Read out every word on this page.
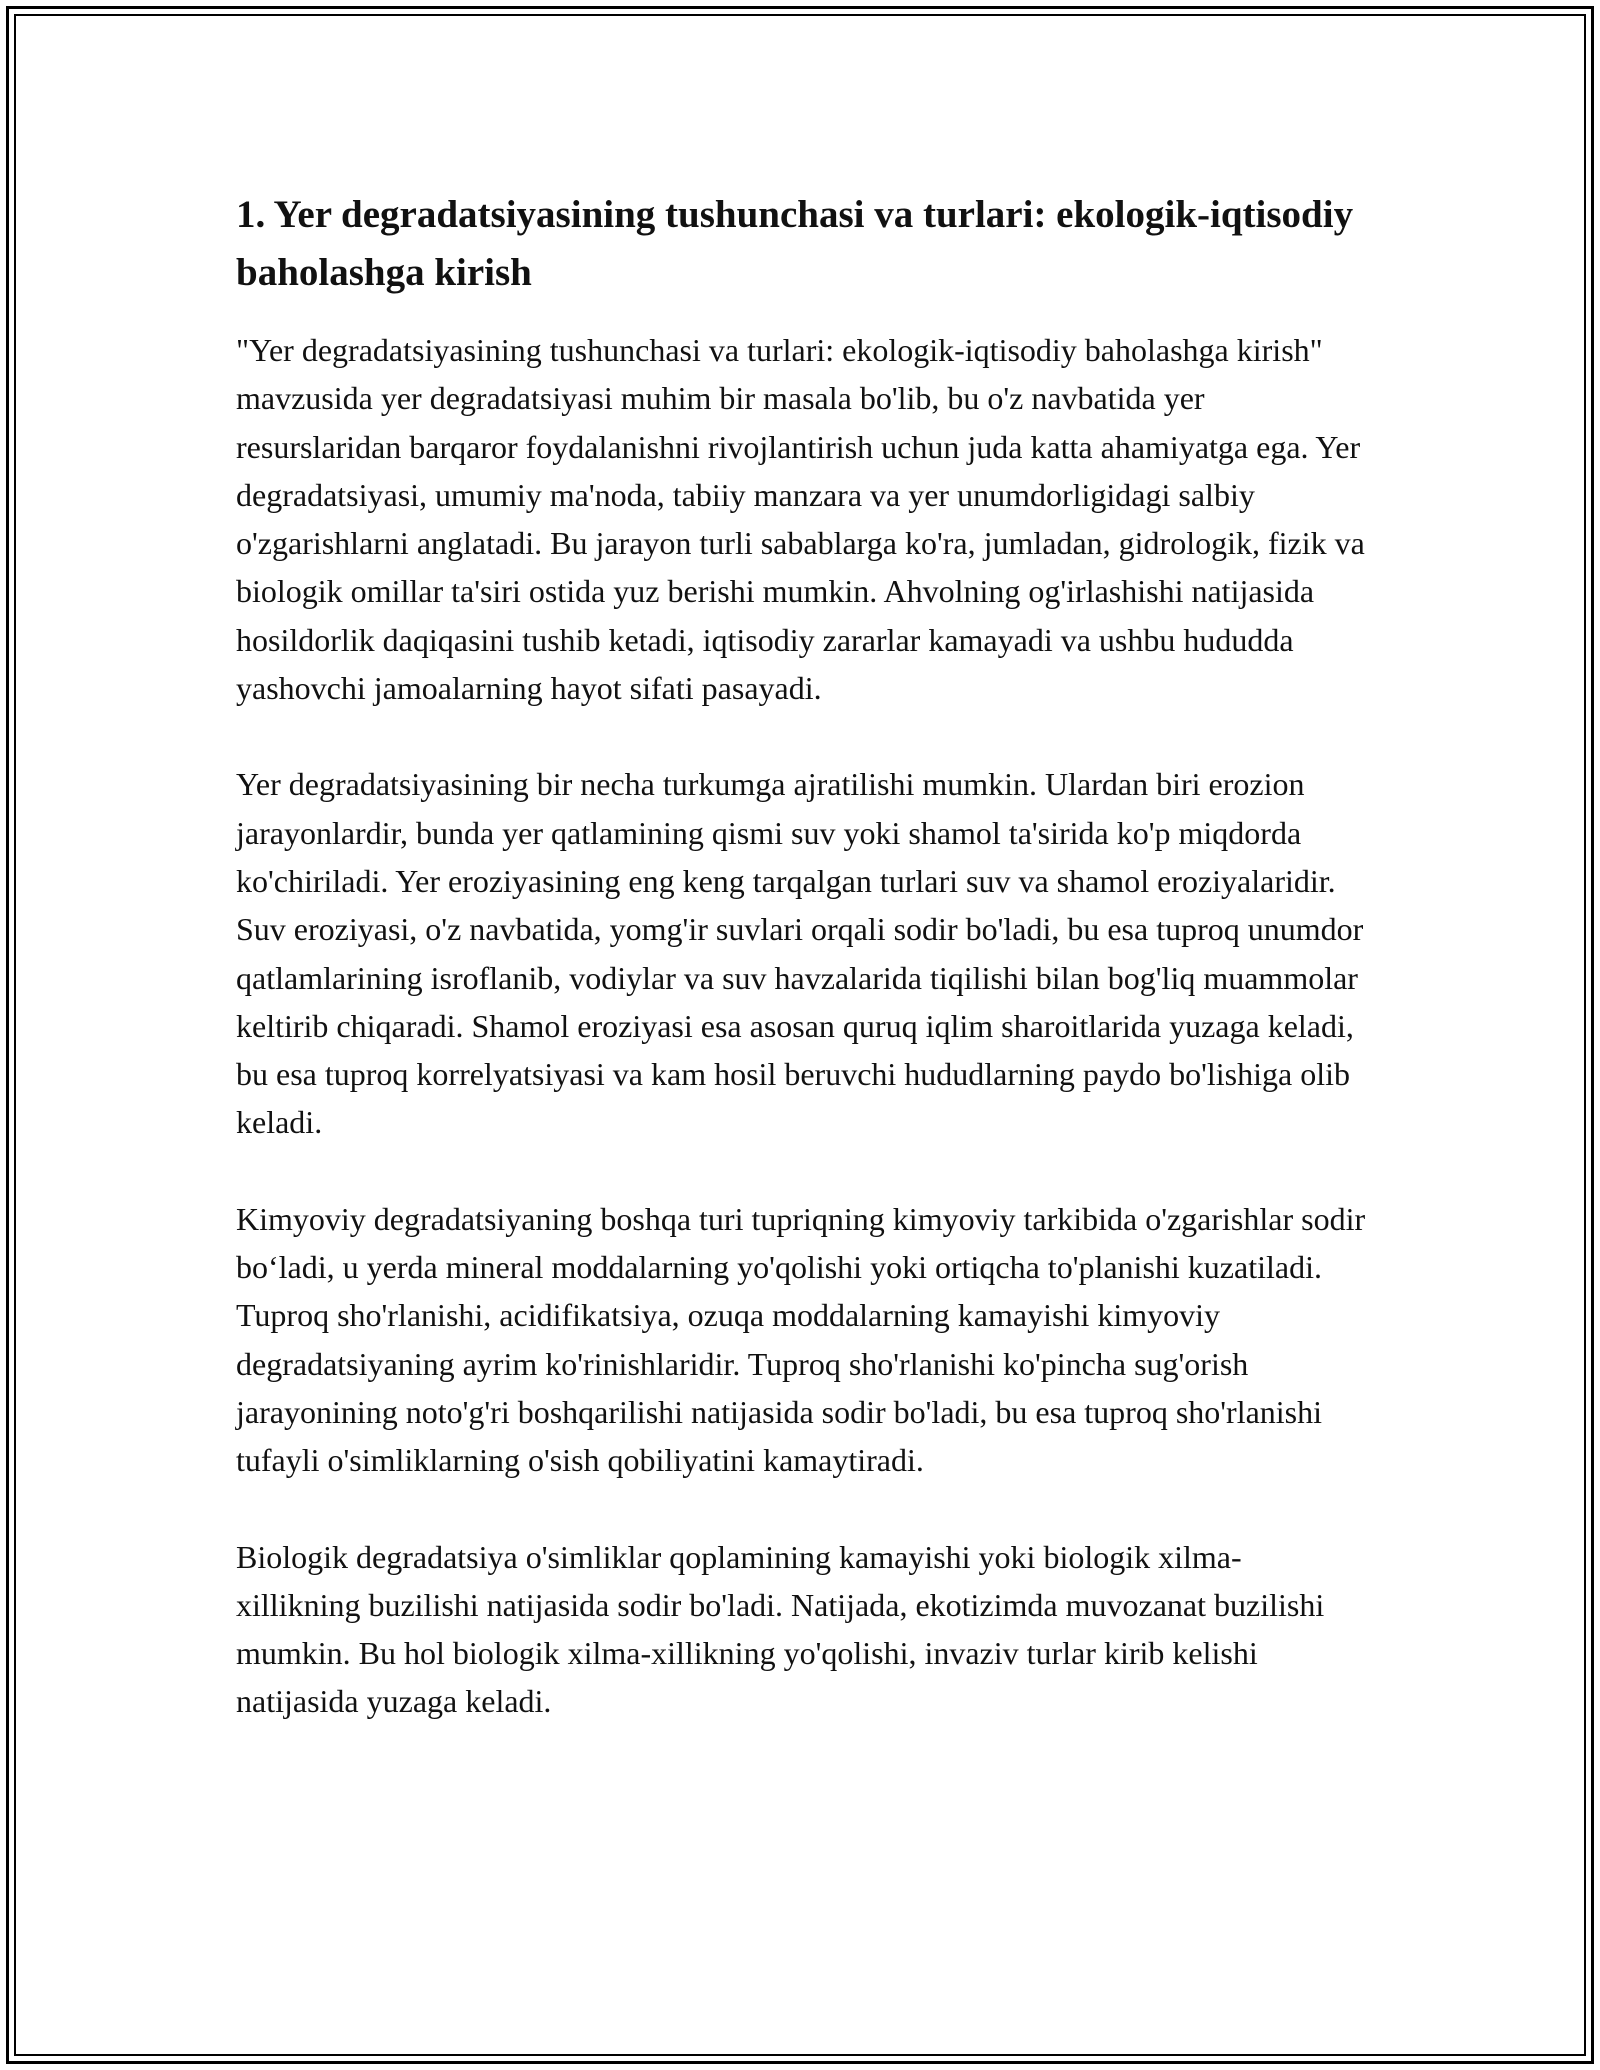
1. Yer degradatsiyasining tushunchasi va turlari: ekologik-iqtisodiy baholashga kirish

"Yer degradatsiyasining tushunchasi va turlari: ekologik-iqtisodiy baholashga kirish" mavzusida yer degradatsiyasi muhim bir masala bo'lib, bu o'z navbatida yer resurslaridan barqaror foydalanishni rivojlantirish uchun juda katta ahamiyatga ega. Yer degradatsiyasi, umumiy ma'noda, tabiiy manzara va yer unumdorligidagi salbiy o'zgarishlarni anglatadi. Bu jarayon turli sabablarga ko'ra, jumladan, gidrologik, fizik va biologik omillar ta'siri ostida yuz berishi mumkin. Ahvolning og'irlashishi natijasida hosildorlik daqiqasini tushib ketadi, iqtisodiy zararlar kamayadi va ushbu hududda yashovchi jamoalarning hayot sifati pasayadi.

Yer degradatsiyasining bir necha turkumga ajratilishi mumkin. Ulardan biri erozion jarayonlardir, bunda yer qatlamining qismi suv yoki shamol ta'sirida ko'p miqdorda ko'chiriladi. Yer eroziyasining eng keng tarqalgan turlari suv va shamol eroziyalaridir. Suv eroziyasi, o'z navbatida, yomg'ir suvlari orqali sodir bo'ladi, bu esa tuproq unumdor qatlamlarining isroflanib, vodiylar va suv havzalarida tiqilishi bilan bog'liq muammolar keltirib chiqaradi. Shamol eroziyasi esa asosan quruq iqlim sharoitlarida yuzaga keladi, bu esa tuproq korrelyatsiyasi va kam hosil beruvchi hududlarning paydo bo'lishiga olib keladi.

Kimyoviy degradatsiyaning boshqa turi tupriqning kimyoviy tarkibida o'zgarishlar sodir bo‘ladi, u yerda mineral moddalarning yo'qolishi yoki ortiqcha to'planishi kuzatiladi. Tuproq sho'rlanishi, acidifikatsiya, ozuqa moddalarning kamayishi kimyoviy degradatsiyaning ayrim ko'rinishlaridir. Tuproq sho'rlanishi ko'pincha sug'orish jarayonining noto'g'ri boshqarilishi natijasida sodir bo'ladi, bu esa tuproq sho'rlanishi tufayli o'simliklarning o'sish qobiliyatini kamaytiradi.

Biologik degradatsiya o'simliklar qoplamining kamayishi yoki biologik xilma-xillikning buzilishi natijasida sodir bo'ladi. Natijada, ekotizimda muvozanat buzilishi mumkin. Bu hol biologik xilma-xillikning yo'qolishi, invaziv turlar kirib kelishi natijasida yuzaga keladi.
